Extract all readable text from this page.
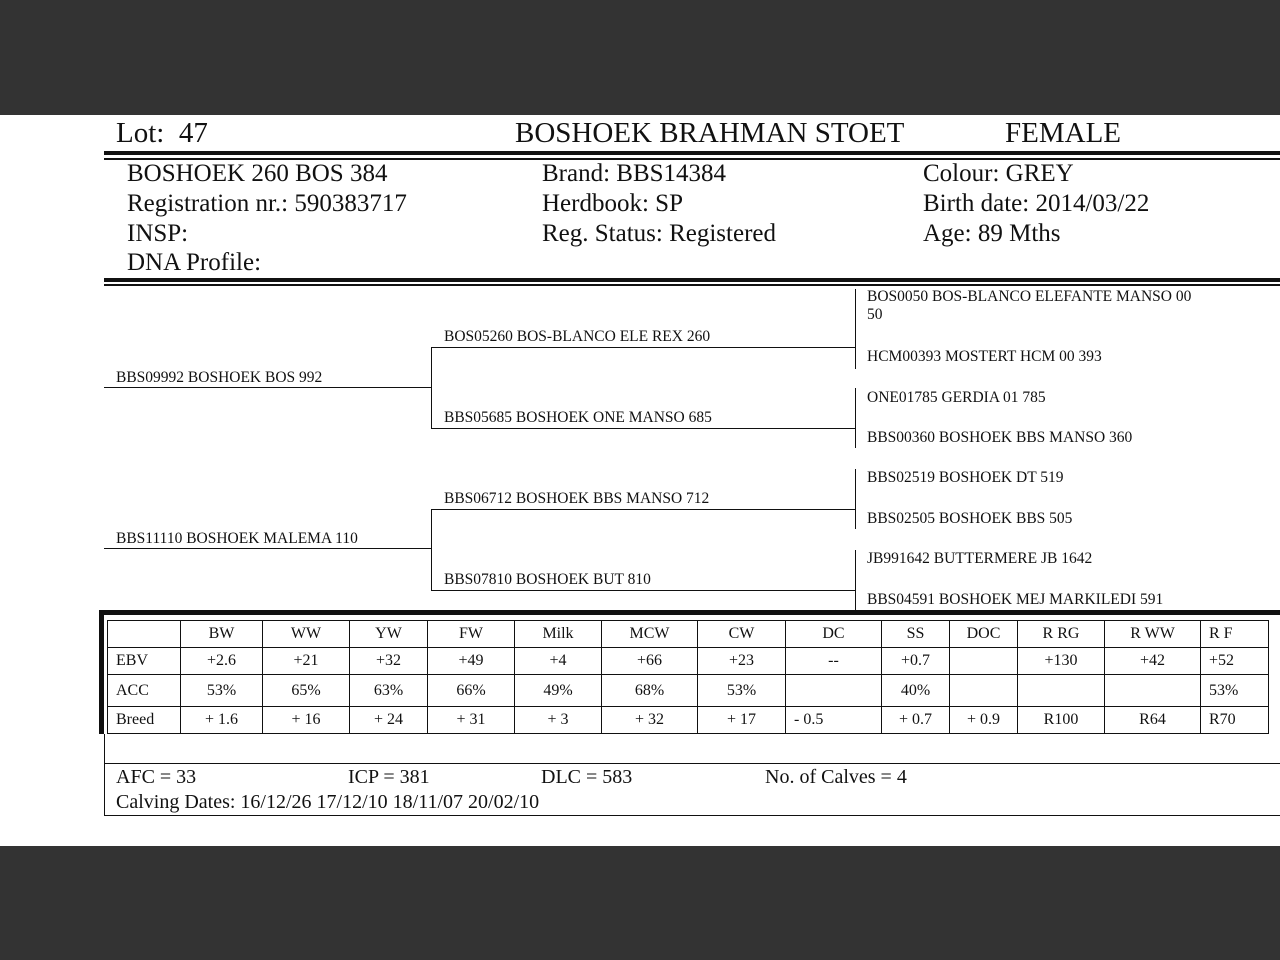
Lot: 47	BOSHOEK BRAHMAN STOET	FEMALE
BOSHOEK 260 BOS 384
Registration nr.: 590383717
INSP:
DNA Profile:
Brand: BBS14384
Herdbook: SP
Reg. Status: Registered
Colour: GREY
Birth date: 2014/03/22
Age: 89 Mths
BBS09992 BOSHOEK BOS 992
BBS11110 BOSHOEK MALEMA 110
BOS05260 BOS-BLANCO ELE REX 260
BBS05685 BOSHOEK ONE MANSO 685
BBS06712 BOSHOEK BBS MANSO 712
BBS07810 BOSHOEK BUT 810
BOS0050 BOS-BLANCO ELEFANTE MANSO 00
50
HCM00393 MOSTERT HCM 00 393
ONE01785 GERDIA 01 785
BBS00360 BOSHOEK BBS MANSO 360
BBS02519 BOSHOEK DT 519
BBS02505 BOSHOEK BBS 505
JB991642 BUTTERMERE JB 1642
BBS04591 BOSHOEK MEJ MARKILEDI 591
	BW	WW	YW	FW	Milk	MCW	CW	DC	SS	DOC	R RG	R WW	R F
EBV	+2.6	+21	+32	+49	+4	+66	+23	--	+0.7		+130	+42	+52
ACC	53%	65%	63%	66%	49%	68%	53%		40%				53%
Breed	+ 1.6	+ 16	+ 24	+ 31	+ 3	+ 32	+ 17	- 0.5	+ 0.7	+ 0.9	R100	R64	R70
AFC = 33	ICP = 381	DLC = 583	No. of Calves = 4
Calving Dates: 16/12/26 17/12/10 18/11/07 20/02/10
